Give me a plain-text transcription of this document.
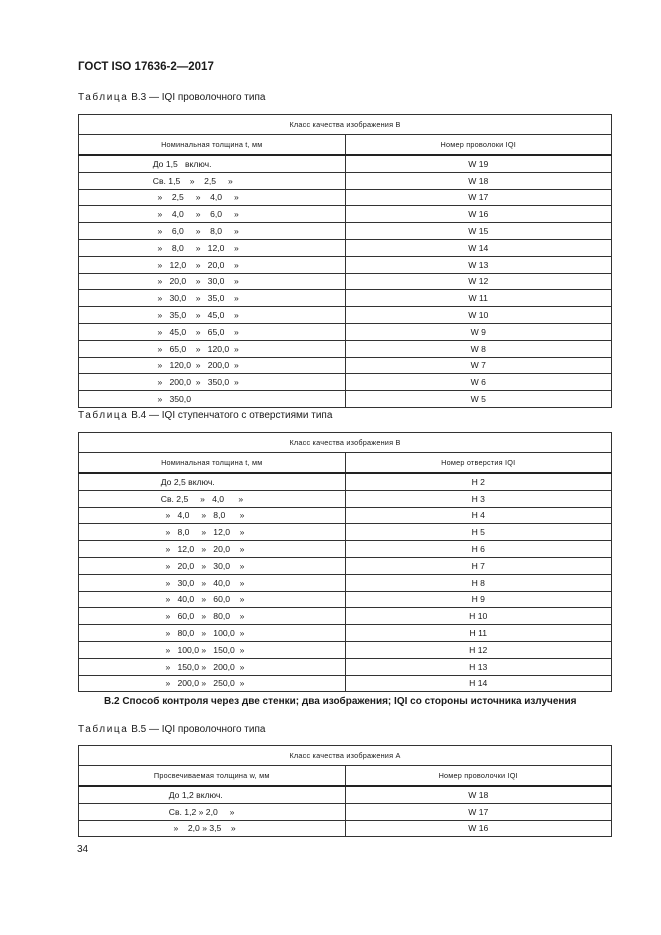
ГОСТ ISO 17636-2—2017
Таблица В.3 — IQI проволочного типа
Класс качества изображения B	
Номинальная толщина t, мм	Номер проволоки IQI
До 1,5   включ.	W 19
Св. 1,5    »    2,5     »	W 18
»    2,5     »    4,0     »	W 17
»    4,0     »    6,0     »	W 16
»    6,0     »    8,0     »	W 15
»    8,0     »   12,0    »	W 14
»   12,0    »   20,0    »	W 13
»   20,0    »   30,0    »	W 12
»   30,0    »   35,0    »	W 11
»   35,0    »   45,0    »	W 10
»   45,0    »   65,0    »	W 9
»   65,0    »   120,0  »	W 8
»   120,0  »   200,0  »	W 7
»   200,0  »   350,0  »	W 6
»   350,0	W 5
Таблица В.4 — IQI ступенчатого с отверстиями типа
Класс качества изображения B	
Номинальная толщина t, мм	Номер отверстия IQI
До 2,5 включ.	H 2
Св. 2,5     »   4,0      »	H 3
»   4,0     »   8,0      »	H 4
»   8,0     »   12,0    »	H 5
»   12,0   »   20,0    »	H 6
»   20,0   »   30,0    »	H 7
»   30,0   »   40,0    »	H 8
»   40,0   »   60,0    »	H 9
»   60,0   »   80,0    »	H 10
»   80,0   »   100,0  »	H 11
»   100,0 »   150,0  »	H 12
»   150,0 »   200,0  »	H 13
»   200,0 »   250,0  »	H 14
В.2 Способ контроля через две стенки; два изображения; IQI со стороны источника излучения
Таблица В.5 — IQI проволочного типа
Класс качества изображения A	
Просвечиваемая толщина w, мм	Номер проволочки IQI
До 1,2 включ.	W 18
Св. 1,2 » 2,0     »	W 17
»    2,0 » 3,5    »	W 16
34
